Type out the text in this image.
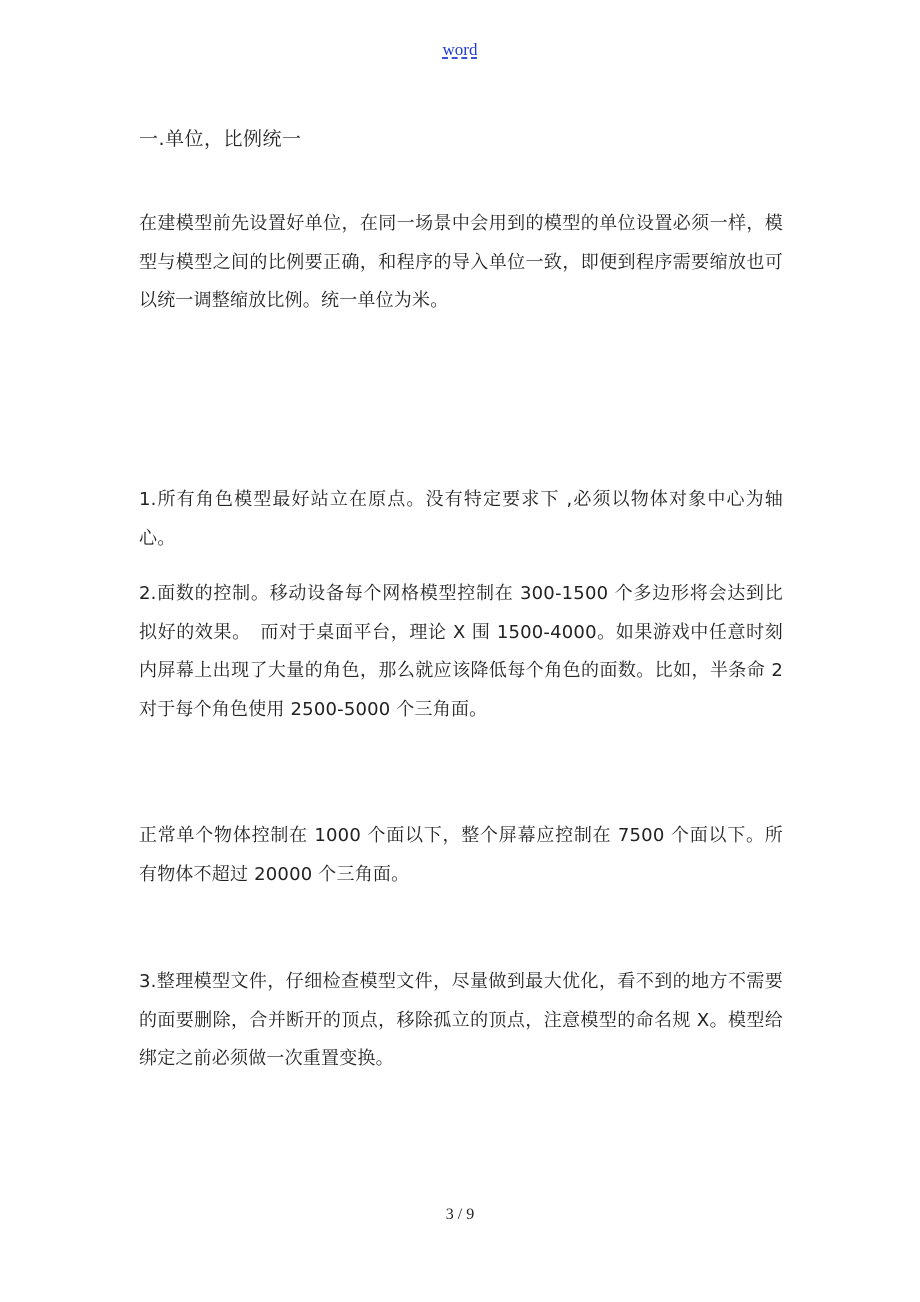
word
一.单位，比例统一

在建模型前先设置好单位，在同一场景中会用到的模型的单位设置必须一样，模型与模型之间的比例要正确，和程序的导入单位一致，即便到程序需要缩放也可以统一调整缩放比例。统一单位为米。

1.所有角色模型最好站立在原点。没有特定要求下 ,必须以物体对象中心为轴心。

2.面数的控制。移动设备每个网格模型控制在 300-1500 个多边形将会达到比拟好的效果。　而对于桌面平台，理论 X 围 1500-4000。如果游戏中任意时刻内屏幕上出现了大量的角色，那么就应该降低每个角色的面数。比如，半条命 2 对于每个角色使用 2500-5000 个三角面。

正常单个物体控制在 1000 个面以下，整个屏幕应控制在 7500 个面以下。所有物体不超过 20000 个三角面。

3.整理模型文件，仔细检查模型文件，尽量做到最大优化，看不到的地方不需要的面要删除，合并断开的顶点，移除孤立的顶点，注意模型的命名规 X。模型给绑定之前必须做一次重置变换。

3 / 9
